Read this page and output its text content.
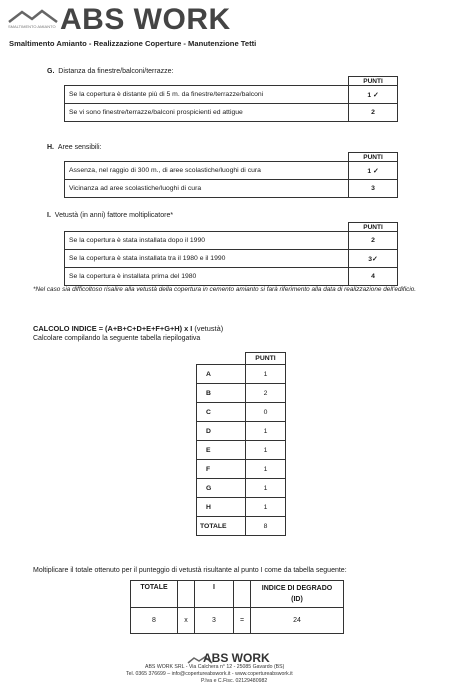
ABS WORK
SMALTIMENTO AMIANTO
Smaltimento Amianto - Realizzazione Coperture - Manutenzione Tetti
G. Distanza da finestre/balconi/terrazze:
	PUNTI
Se la copertura è distante più di 5 m. da finestre/terrazze/balconi	1 ✓
Se vi sono finestre/terrazze/balconi prospicienti ed attigue	2
H. Aree sensibili:
	PUNTI
Assenza, nel raggio di 300 m., di aree scolastiche/luoghi di cura	1 ✓
Vicinanza ad aree scolastiche/luoghi di cura	3
I. Vetustà (in anni) fattore moltiplicatore*
	PUNTI
Se la copertura è stata installata dopo il 1990	2
Se la copertura è stata installata tra il 1980 e il 1990	3✓
Se la copertura è installata prima del 1980	4
*Nel caso sia difficoltoso risalire alla vetustà della copertura in cemento amianto si farà riferimento alla data di realizzazione dell'edificio.
CALCOLO INDICE = (A+B+C+D+E+F+G+H) x I (vetustà)
Calcolare compilando la seguente tabella riepilogativa
	PUNTI
A	1
B	2
C	0
D	1
E	1
F	1
G	1
H	1
TOTALE	8
Moltiplicare il totale ottenuto per il punteggio di vetustà risultante al punto I come da tabella seguente:
TOTALE		I		INDICE DI DEGRADO
(ID)

8	x	3	=	24
ABS WORK
ABS WORK SRL - Via Calchera n° 12 - 25085 Gavardo (BS)
Tel. 0365 376699 – info@copertureabswork.it - www.copertureabswork.it
P.Iva e C.Fisc. 02129480982
